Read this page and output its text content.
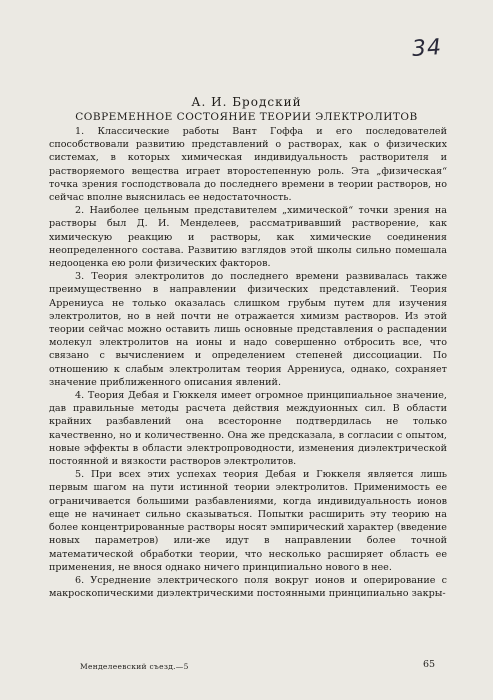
34
А. И. Бродский
СОВРЕМЕННОЕ СОСТОЯНИЕ ТЕОРИИ ЭЛЕКТРОЛИТОВ

1. Классические работы Вант Гоффа и его последователей способствовали развитию представлений о растворах, как о физических системах, в которых химическая индивидуальность растворителя и растворяемого вещества играет второстепенную роль. Эта „физическая“ точка зрения господствовала до последнего времени в теории растворов, но сейчас вполне выяснилась ее недостаточность.

2. Наиболее цельным представителем „химической“ точки зрения на растворы был Д. И. Менделеев, рассматривавший растворение, как химическую реакцию и растворы, как химические соединения неопределенного состава. Развитию взглядов этой школы сильно помешала недооценка ею роли физических факторов.

3. Теория электролитов до последнего времени развивалась также преимущественно в направлении физических представлений. Теория Аррениуса не только оказалась слишком грубым путем для изучения электролитов, но в ней почти не отражается химизм растворов. Из этой теории сейчас можно оставить лишь основные представления о распадении молекул электролитов на ионы и надо совершенно отбросить все, что связано с вычислением и определением степеней диссоциации. По отношению к слабым электролитам теория Аррениуса, однако, сохраняет значение приближенного описания явлений.

4. Теория Дебая и Гюккеля имеет огромное принципиальное значение, дав правильные методы расчета действия междуионных сил. В области крайних разбавлений она всесторонне подтвердилась не только качественно, но и количественно. Она же предсказала, в согласии с опытом, новые эффекты в области электропроводности, изменения диэлектрической постоянной и вязкости растворов электролитов.

5. При всех этих успехах теория Дебая и Гюккеля является лишь первым шагом на пути истинной теории электролитов. Применимость ее ограничивается большими разбавлениями, когда индивидуальность ионов еще не начинает сильно сказываться. Попытки расширить эту теорию на более концентрированные растворы носят эмпирический характер (введение новых параметров) или-же идут в направлении более точной математической обработки теории, что несколько расширяет область ее применения, не внося однако ничего принципиально нового в нее.

6. Усреднение электрического поля вокруг ионов и оперирование с макроскопическими диэлектрическими постоянными принципиально закры-

Менделеевский съезд.—5	65
